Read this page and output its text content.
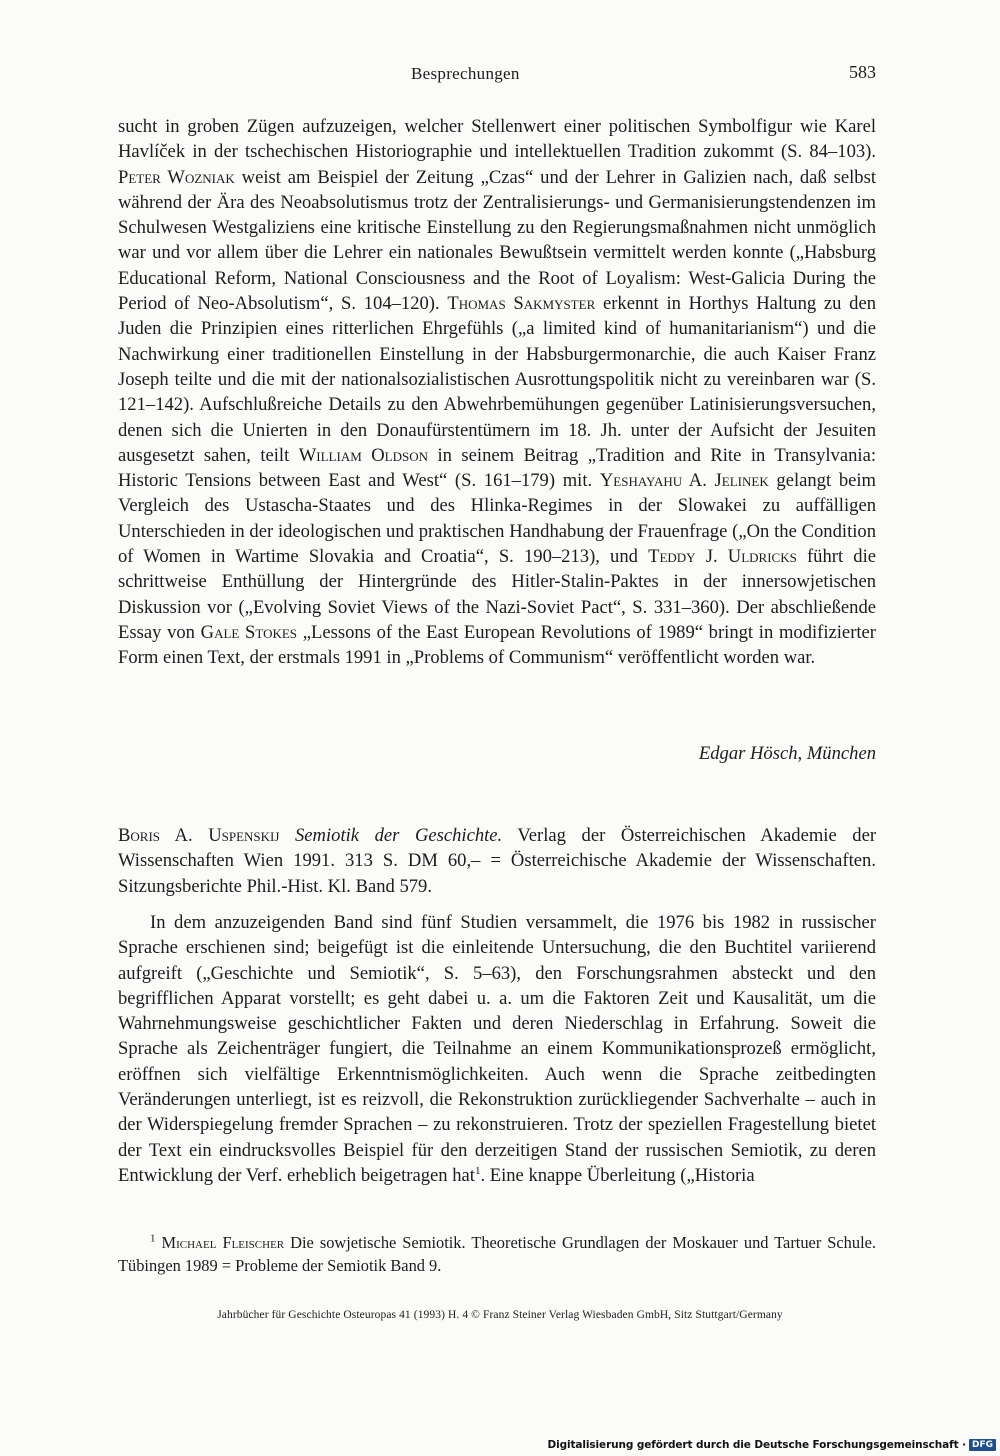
Besprechungen	583

sucht in groben Zügen aufzuzeigen, welcher Stellenwert einer politischen Symbolfigur wie Karel Havlíček in der tschechischen Historiographie und intellektuellen Tradition zukommt (S. 84–103). Peter Wozniak weist am Beispiel der Zeitung „Czas“ und der Lehrer in Galizien nach, daß selbst während der Ära des Neoabsolutismus trotz der Zentralisierungs- und Germanisierungstendenzen im Schulwesen Westgaliziens eine kritische Einstellung zu den Regierungsmaßnahmen nicht unmöglich war und vor allem über die Lehrer ein nationales Bewußtsein vermittelt werden konnte („Habsburg Educational Reform, National Consciousness and the Root of Loyalism: West-Galicia During the Period of Neo-Absolutism“, S. 104–120). Thomas Sakmyster erkennt in Horthys Haltung zu den Juden die Prinzipien eines ritterlichen Ehrgefühls („a limited kind of humanitarianism“) und die Nachwirkung einer traditionellen Einstellung in der Habsburgermonarchie, die auch Kaiser Franz Joseph teilte und die mit der nationalsozialistischen Ausrottungspolitik nicht zu vereinbaren war (S. 121–142). Aufschlußreiche Details zu den Abwehrbemühungen gegenüber Latinisierungsversuchen, denen sich die Unierten in den Donaufürstentümern im 18. Jh. unter der Aufsicht der Jesuiten ausgesetzt sahen, teilt William Oldson in seinem Beitrag „Tradition and Rite in Transylvania: Historic Tensions between East and West“ (S. 161–179) mit. Yeshayahu A. Jelinek gelangt beim Vergleich des Ustascha-Staates und des Hlinka-Regimes in der Slowakei zu auffälligen Unterschieden in der ideologischen und praktischen Handhabung der Frauenfrage („On the Condition of Women in Wartime Slovakia and Croatia“, S. 190–213), und Teddy J. Uldricks führt die schrittweise Enthüllung der Hintergründe des Hitler-Stalin-Paktes in der innersowjetischen Diskussion vor („Evolving Soviet Views of the Nazi-Soviet Pact“, S. 331–360). Der abschließende Essay von Gale Stokes „Lessons of the East European Revolutions of 1989“ bringt in modifizierter Form einen Text, der erstmals 1991 in „Problems of Communism“ veröffentlicht worden war.

Edgar Hösch, München

Boris A. Uspenskij Semiotik der Geschichte. Verlag der Österreichischen Akademie der Wissenschaften Wien 1991. 313 S. DM 60,– = Österreichische Akademie der Wissenschaften. Sitzungsberichte Phil.-Hist. Kl. Band 579.

In dem anzuzeigenden Band sind fünf Studien versammelt, die 1976 bis 1982 in russischer Sprache erschienen sind; beigefügt ist die einleitende Untersuchung, die den Buchtitel variierend aufgreift („Geschichte und Semiotik“, S. 5–63), den Forschungsrahmen absteckt und den begrifflichen Apparat vorstellt; es geht dabei u. a. um die Faktoren Zeit und Kausalität, um die Wahrnehmungsweise geschichtlicher Fakten und deren Niederschlag in Erfahrung. Soweit die Sprache als Zeichenträger fungiert, die Teilnahme an einem Kommunikationsprozeß ermöglicht, eröffnen sich vielfältige Erkenntnismöglichkeiten. Auch wenn die Sprache zeitbedingten Veränderungen unterliegt, ist es reizvoll, die Rekonstruktion zurückliegender Sachverhalte – auch in der Widerspiegelung fremder Sprachen – zu rekonstruieren. Trotz der speziellen Fragestellung bietet der Text ein eindrucksvolles Beispiel für den derzeitigen Stand der russischen Semiotik, zu deren Entwicklung der Verf. erheblich beigetragen hat$^1$. Eine knappe Überleitung („Historia

$^1$ Michael Fleischer Die sowjetische Semiotik. Theoretische Grundlagen der Moskauer und Tartuer Schule. Tübingen 1989 = Probleme der Semiotik Band 9.

Jahrbücher für Geschichte Osteuropas 41 (1993) H. 4 © Franz Steiner Verlag Wiesbaden GmbH, Sitz Stuttgart/Germany

Digitalisierung gefördert durch die Deutsche Forschungsgemeinschaft · DFG
